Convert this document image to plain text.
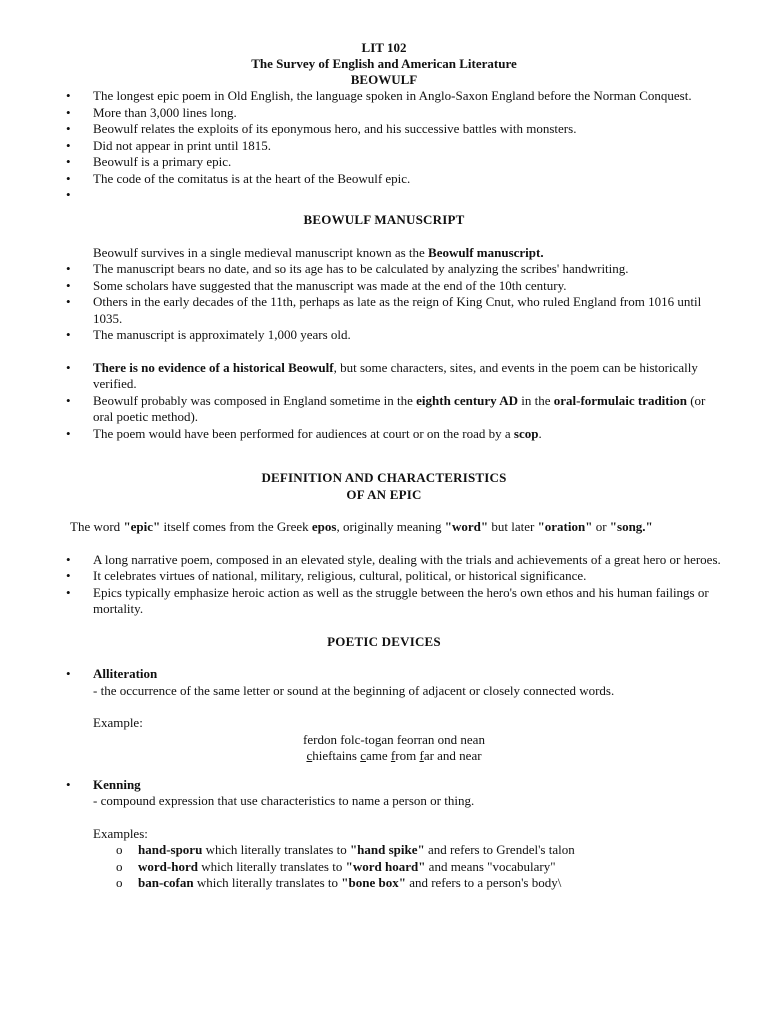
LIT 102
The Survey of English and American Literature
BEOWULF
• The longest epic poem in Old English, the language spoken in Anglo-Saxon England before the Norman Conquest.
• More than 3,000 lines long.
• Beowulf relates the exploits of its eponymous hero, and his successive battles with monsters.
• Did not appear in print until 1815.
• Beowulf is a primary epic.
• The code of the comitatus is at the heart of the Beowulf epic.
•
BEOWULF MANUSCRIPT
Beowulf survives in a single medieval manuscript known as the Beowulf manuscript.
• The manuscript bears no date, and so its age has to be calculated by analyzing the scribes' handwriting.
• Some scholars have suggested that the manuscript was made at the end of the 10th century.
• Others in the early decades of the 11th, perhaps as late as the reign of King Cnut, who ruled England from 1016 until 1035.
• The manuscript is approximately 1,000 years old.
• There is no evidence of a historical Beowulf, but some characters, sites, and events in the poem can be historically verified.
• Beowulf probably was composed in England sometime in the eighth century AD in the oral-formulaic tradition (or oral poetic method).
• The poem would have been performed for audiences at court or on the road by a scop.
DEFINITION AND CHARACTERISTICS
OF AN EPIC
The word "epic" itself comes from the Greek epos, originally meaning "word" but later "oration" or "song."
• A long narrative poem, composed in an elevated style, dealing with the trials and achievements of a great hero or heroes.
• It celebrates virtues of national, military, religious, cultural, political, or historical significance.
• Epics typically emphasize heroic action as well as the struggle between the hero's own ethos and his human failings or mortality.
POETIC DEVICES
• Alliteration
- the occurrence of the same letter or sound at the beginning of adjacent or closely connected words.
Example:
ferdon folc-togan feorran ond nean
chieftains came from far and near
• Kenning
- compound expression that use characteristics to name a person or thing.
Examples:
o hand-sporu which literally translates to "hand spike" and refers to Grendel's talon
o word-hord which literally translates to "word hoard" and means "vocabulary"
o ban-cofan which literally translates to "bone box" and refers to a person's body\
